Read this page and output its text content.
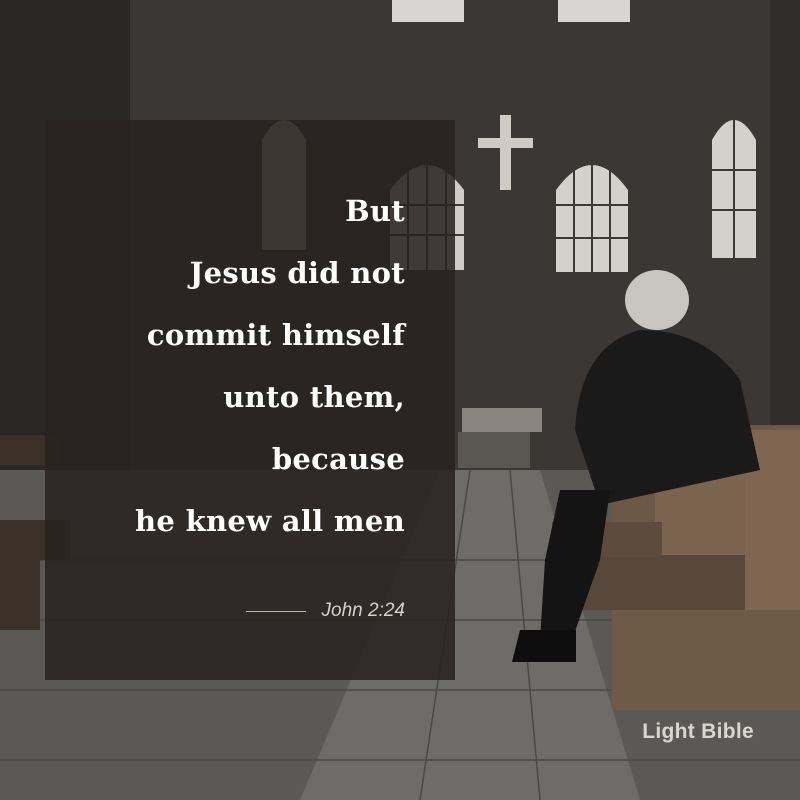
But
Jesus did not
commit himself
unto them,
because
he knew all men
John 2:24
Light Bible
